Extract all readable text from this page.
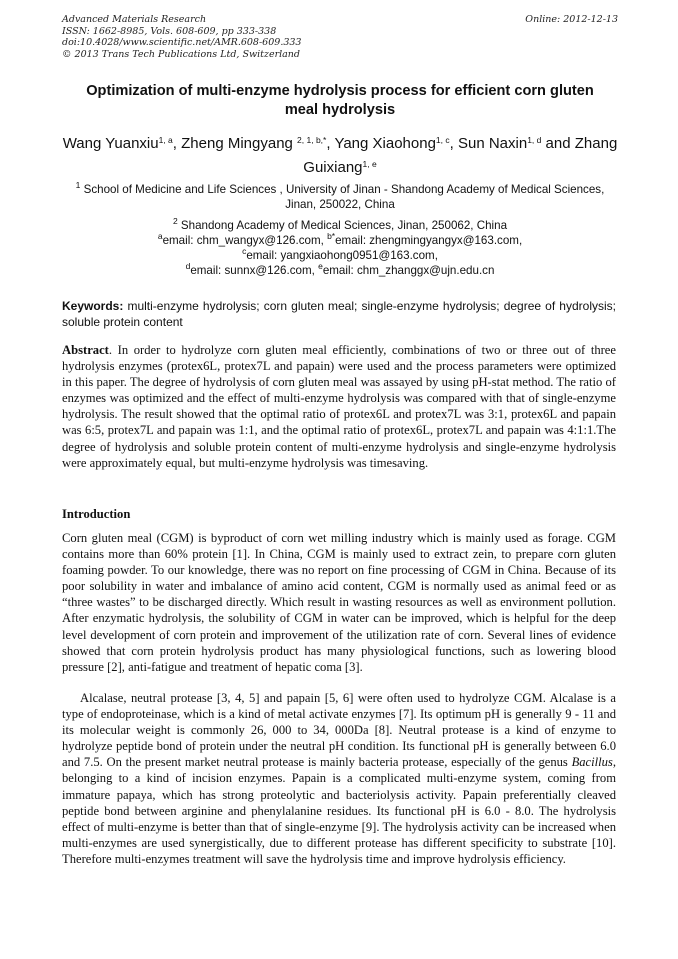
Advanced Materials Research
ISSN: 1662-8985, Vols. 608-609, pp 333-338
doi:10.4028/www.scientific.net/AMR.608-609.333
© 2013 Trans Tech Publications Ltd, Switzerland
Online: 2012-12-13
Optimization of multi-enzyme hydrolysis process for efficient corn gluten meal hydrolysis
Wang Yuanxiu$^{1, a}$, Zheng Mingyang $^{2, 1, b,*}$, Yang Xiaohong$^{1, c}$, Sun Naxin$^{1, d}$ and Zhang Guixiang$^{1, e}$
$^1$ School of Medicine and Life Sciences , University of Jinan - Shandong Academy of Medical Sciences, Jinan, 250022, China
$^2$ Shandong Academy of Medical Sciences, Jinan, 250062, China
$^a$email: chm_wangyx@126.com, $^{b*}$email: zhengmingyangyx@163.com,
$^c$email: yangxiaohong0951@163.com,
$^d$email: sunnx@126.com, $^e$email: chm_zhanggx@ujn.edu.cn
Keywords: multi-enzyme hydrolysis; corn gluten meal; single-enzyme hydrolysis; degree of hydrolysis; soluble protein content
Abstract. In order to hydrolyze corn gluten meal efficiently, combinations of two or three out of three hydrolysis enzymes (protex6L, protex7L and papain) were used and the process parameters were optimized in this paper. The degree of hydrolysis of corn gluten meal was assayed by using pH-stat method. The ratio of enzymes was optimized and the effect of multi-enzyme hydrolysis was compared with that of single-enzyme hydrolysis. The result showed that the optimal ratio of protex6L and protex7L was 3:1, protex6L and papain was 6:5, protex7L and papain was 1:1, and the optimal ratio of protex6L, protex7L and papain was 4:1:1.The degree of hydrolysis and soluble protein content of multi-enzyme hydrolysis and single-enzyme hydrolysis were approximately equal, but multi-enzyme hydrolysis was timesaving.
Introduction
Corn gluten meal (CGM) is byproduct of corn wet milling industry which is mainly used as forage. CGM contains more than 60% protein [1]. In China, CGM is mainly used to extract zein, to prepare corn gluten foaming powder. To our knowledge, there was no report on fine processing of CGM in China. Because of its poor solubility in water and imbalance of amino acid content, CGM is normally used as animal feed or as “three wastes” to be discharged directly. Which result in wasting resources as well as environment pollution. After enzymatic hydrolysis, the solubility of CGM in water can be improved, which is helpful for the deep level development of corn protein and improvement of the utilization rate of corn. Several lines of evidence showed that corn protein hydrolysis product has many physiological functions, such as lowering blood pressure [2], anti-fatigue and treatment of hepatic coma [3].
Alcalase, neutral protease [3, 4, 5] and papain [5, 6] were often used to hydrolyze CGM. Alcalase is a type of endoproteinase, which is a kind of metal activate enzymes [7]. Its optimum pH is generally 9 - 11 and its molecular weight is commonly 26, 000 to 34, 000Da [8]. Neutral protease is a kind of enzyme to hydrolyze peptide bond of protein under the neutral pH condition. Its functional pH is generally between 6.0 and 7.5. On the present market neutral protease is mainly bacteria protease, especially of the genus Bacillus, belonging to a kind of incision enzymes. Papain is a complicated multi-enzyme system, coming from immature papaya, which has strong proteolytic and bacteriolysis activity. Papain preferentially cleaved peptide bond between arginine and phenylalanine residues. Its functional pH is 6.0 - 8.0. The hydrolysis effect of multi-enzyme is better than that of single-enzyme [9]. The hydrolysis activity can be increased when multi-enzymes are used synergistically, due to different protease has different specificity to substrate [10]. Therefore multi-enzymes treatment will save the hydrolysis time and improve hydrolysis efficiency.
